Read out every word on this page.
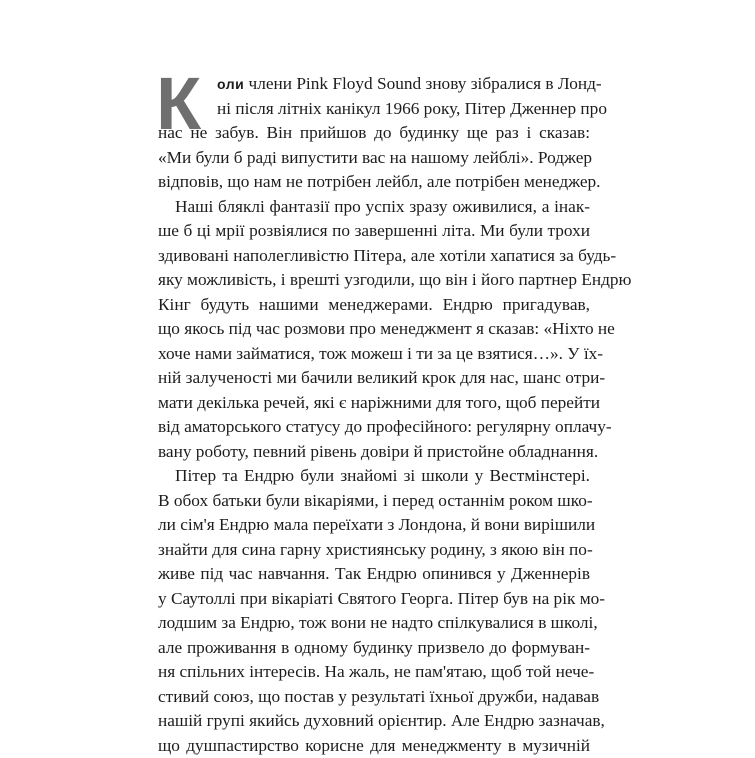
К	оли члени Pink Floyd Sound знову зібралися в Лонд-
ні після літніх канікул 1966 року, Пітер Дженнер про
нас не забув. Він прийшов до будинку ще раз і сказав:
«Ми були б раді випустити вас на нашому лейблі». Роджер
відповів, що нам не потрібен лейбл, але потрібен менеджер.
Наші бляклі фантазії про успіх зразу оживилися, а інак-
ше б ці мрії розвіялися по завершенні літа. Ми були трохи
здивовані наполегливістю Пітера, але хотіли хапатися за будь-
яку можливість, і врешті узгодили, що він і його партнер Ендрю
Кінг будуть нашими менеджерами. Ендрю пригадував,
що якось під час розмови про менеджмент я сказав: «Ніхто не
хоче нами займатися, тож можеш і ти за це взятися…». У їх-
ній залученості ми бачили великий крок для нас, шанс отри-
мати декілька речей, які є наріжними для того, щоб перейти
від аматорського статусу до професійного: регулярну оплачу-
вану роботу, певний рівень довіри й пристойне обладнання.
Пітер та Ендрю були знайомі зі школи у Вестмінстері.
В обох батьки були вікаріями, і перед останнім роком шко-
ли сім'я Ендрю мала переїхати з Лондона, й вони вирішили
знайти для сина гарну християнську родину, з якою він по-
живе під час навчання. Так Ендрю опинився у Дженнерів
у Саутоллі при вікаріаті Святого Георга. Пітер був на рік мо-
лодшим за Ендрю, тож вони не надто спілкувалися в школі,
але проживання в одному будинку призвело до формуван-
ня спільних інтересів. На жаль, не пам'ятаю, щоб той нече-
стивий союз, що постав у результаті їхньої дружби, надавав
нашій групі якийсь духовний орієнтир. Але Ендрю зазначав,
що душпастирство корисне для менеджменту в музичній
